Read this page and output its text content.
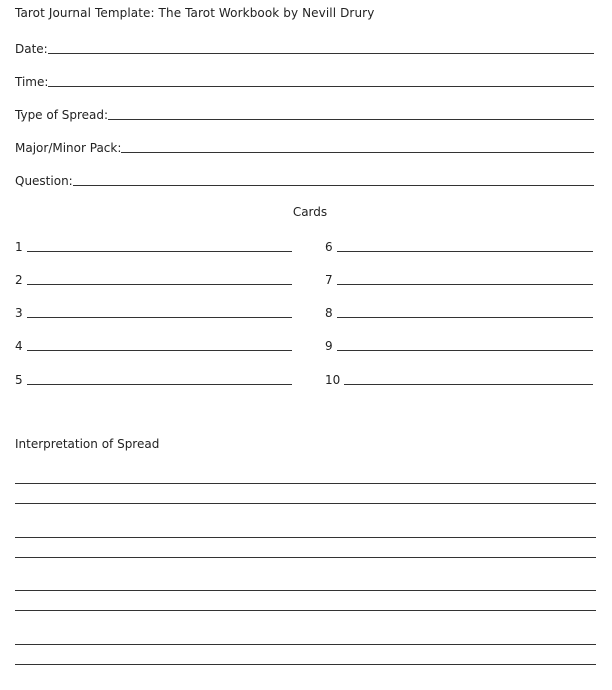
Tarot Journal Template: The Tarot Workbook by Nevill Drury
Date:
Time:
Type of Spread:
Major/Minor Pack:
Question:
Cards
1
2
3
4
5
6
7
8
9
10
Interpretation of Spread
